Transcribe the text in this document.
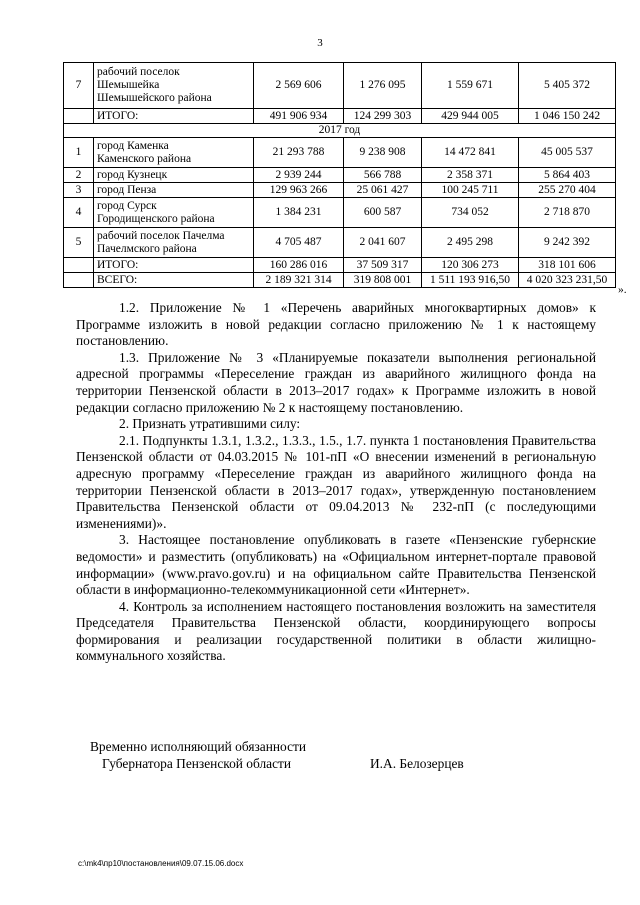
3
7	рабочий поселок
Шемышейка
Шемышейского района	2 569 606	1 276 095	1 559 671	5 405 372
	ИТОГО:	491 906 934	124 299 303	429 944 005	1 046 150 242
2017 год					
1	город Каменка
Каменского района	21 293 788	9 238 908	14 472 841	45 005 537
2	город Кузнецк	2 939 244	566 788	2 358 371	5 864 403
3	город Пенза	129 963 266	25 061 427	100 245 711	255 270 404
4	город Сурск
Городищенского района	1 384 231	600 587	734 052	2 718 870
5	рабочий поселок Пачелма
Пачелмского района	4 705 487	2 041 607	2 495 298	9 242 392
	ИТОГО:	160 286 016	37 509 317	120 306 273	318 101 606
	ВСЕГО:	2 189 321 314	319 808 001	1 511 193 916,50	4 020 323 231,50
».

1.2. Приложение № 1 «Перечень аварийных многоквартирных домов» к Программе изложить в новой редакции согласно приложению № 1 к настоящему постановлению.

1.3. Приложение № 3 «Планируемые показатели выполнения региональной адресной программы «Переселение граждан из аварийного жилищного фонда на территории Пензенской области в 2013–2017 годах» к Программе изложить в новой редакции согласно приложению № 2 к настоящему постановлению.

2. Признать утратившими силу:

2.1. Подпункты 1.3.1, 1.3.2., 1.3.3., 1.5., 1.7. пункта 1 постановления Правительства Пензенской области от 04.03.2015 № 101-пП «О внесении изменений в региональную адресную программу «Переселение граждан из аварийного жилищного фонда на территории Пензенской области в 2013–2017 годах», утвержденную постановлением Правительства Пензенской области от 09.04.2013 № 232-пП (с последующими изменениями)».

3. Настоящее постановление опубликовать в газете «Пензенские губернские ведомости» и разместить (опубликовать) на «Официальном интернет-портале правовой информации» (www.pravo.gov.ru) и на официальном сайте Правительства Пензенской области в информационно-телекоммуникационной сети «Интернет».

4. Контроль за исполнением настоящего постановления возложить на заместителя Председателя Правительства Пензенской области, координирующего вопросы формирования и реализации государственной политики в области жилищно-коммунального хозяйства.

Временно исполняющий обязанности
Губернатора Пензенской области	И.А. Белозерцев
c:\mk4\пр10\постановления\09.07.15.06.docx
